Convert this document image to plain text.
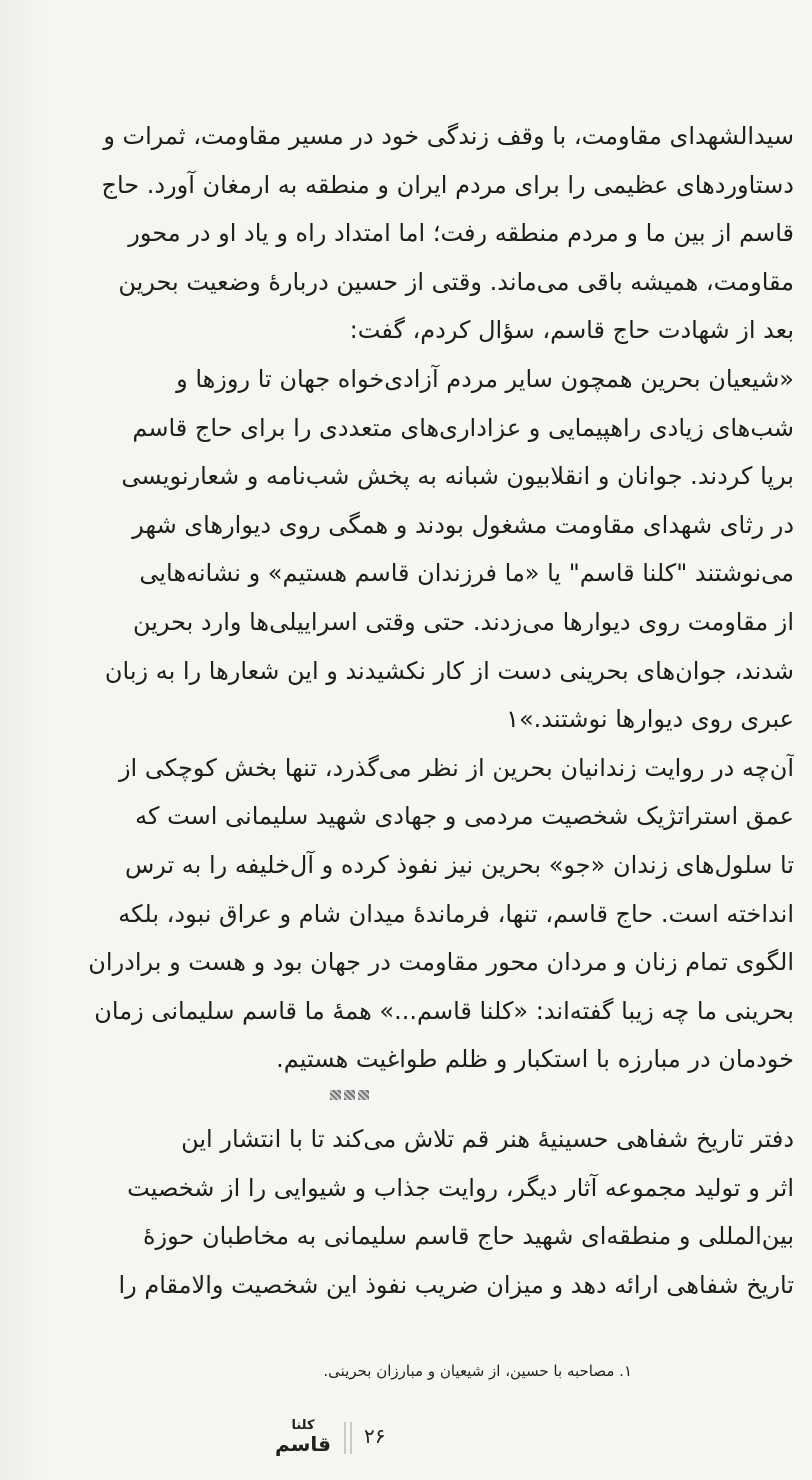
سیدالشهدای مقاومت، با وقف زندگی خود در مسیر مقاومت، ثمرات و
دستاوردهای عظیمی را برای مردم ایران و منطقه به ارمغان آورد. حاج
قاسم از بین ما و مردم منطقه رفت؛ اما امتداد راه و یاد او در محور
مقاومت، همیشه باقی می‌ماند. وقتی از حسین دربارهٔ وضعیت بحرین
بعد از شهادت حاج قاسم، سؤال کردم، گفت:
«شیعیان بحرین همچون سایر مردم آزادی‌خواه جهان تا روزها و
شب‌های زیادی راهپیمایی و عزاداری‌های متعددی را برای حاج قاسم
برپا کردند. جوانان و انقلابیون شبانه به پخش شب‌نامه و شعارنویسی
در رثای شهدای مقاومت مشغول بودند و همگی روی دیوارهای شهر
می‌نوشتند "کلنا قاسم" یا «ما فرزندان قاسم هستیم» و نشانه‌هایی
از مقاومت روی دیوارها می‌زدند. حتی وقتی اسراییلی‌ها وارد بحرین
شدند، جوان‌های بحرینی دست از کار نکشیدند و این شعارها را به زبان
عبری روی دیوارها نوشتند.»۱
آن‌چه در روایت زندانیان بحرین از نظر می‌گذرد، تنها بخش کوچکی از
عمق استراتژیک شخصیت مردمی و جهادی شهید سلیمانی است که
تا سلول‌های زندان «جو» بحرین نیز نفوذ کرده و آل‌خلیفه را به ترس
انداخته است. حاج قاسم، تنها، فرماندهٔ میدان شام و عراق نبود، بلکه
الگوی تمام زنان و مردان محور مقاومت در جهان بود و هست و برادران
بحرینی ما چه زیبا گفته‌اند: «کلنا قاسم...» همهٔ ما قاسم سلیمانی زمان
خودمان در مبارزه با استکبار و ظلم طواغیت هستیم.
دفتر تاریخ شفاهی حسینیهٔ هنر قم تلاش می‌کند تا با انتشار این
اثر و تولید مجموعه آثار دیگر، روایت جذاب و شیوایی را از شخصیت
بین‌المللی و منطقه‌ای شهید حاج قاسم سلیمانی به مخاطبان حوزهٔ
تاریخ شفاهی ارائه دهد و میزان ضریب نفوذ این شخصیت والامقام را
۱. مصاحبه با حسین، از شیعیان و مبارزان بحرینی.
کلنا
قاسم ۲۶
